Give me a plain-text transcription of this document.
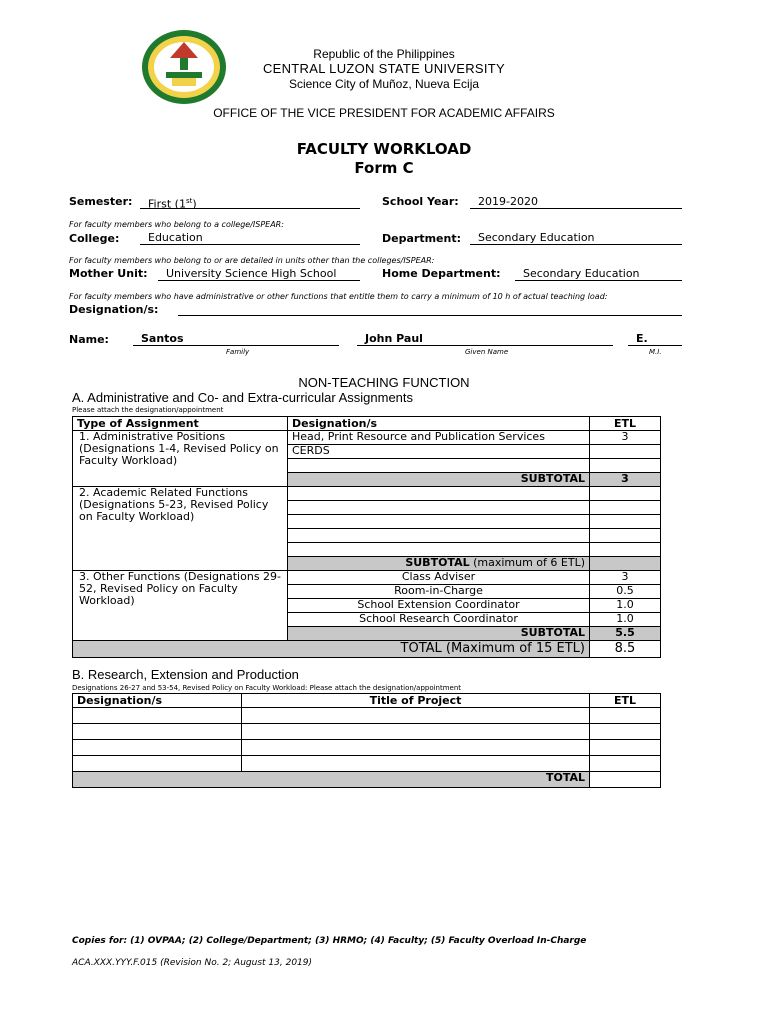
Republic of the Philippines
CENTRAL LUZON STATE UNIVERSITY
Science City of Muñoz, Nueva Ecija
OFFICE OF THE VICE PRESIDENT FOR ACADEMIC AFFAIRS
FACULTY WORKLOAD
Form C
Semester:	First (1st)	School Year:	2019-2020
For faculty members who belong to a college/ISPEAR:
College:	Education	Department:	Secondary Education
For faculty members who belong to or are detailed in units other than the colleges/ISPEAR:
Mother Unit:	University Science High School	Home Department:	Secondary Education
For faculty members who have administrative or other functions that entitle them to carry a minimum of 10 h of actual teaching load:
Designation/s:
Name:	Santos	John Paul	E.
Family	Given Name	M.I.
NON-TEACHING FUNCTION
A. Administrative and Co- and Extra-curricular Assignments
Please attach the designation/appointment
Type of Assignment	Designation/s	ETL
1. Administrative Positions (Designations 1-4, Revised Policy on Faculty Workload)	Head, Print Resource and Publication Services	3
	CERDS	

	SUBTOTAL	3
2. Academic Related Functions (Designations 5-23, Revised Policy on Faculty Workload)		

	SUBTOTAL (maximum of 6 ETL)	
3. Other Functions (Designations 29-52, Revised Policy on Faculty Workload)	Class Adviser	3
	Room-in-Charge	0.5
	School Extension Coordinator	1.0
	School Research Coordinator	1.0
	SUBTOTAL	5.5
TOTAL (Maximum of 15 ETL)		8.5
B. Research, Extension and Production
Designations 26-27 and 53-54, Revised Policy on Faculty Workload: Please attach the designation/appointment
Designation/s	Title of Project	ETL

TOTAL		
Copies for: (1) OVPAA; (2) College/Department; (3) HRMO; (4) Faculty; (5) Faculty Overload In-Charge
ACA.XXX.YYY.F.015 (Revision No. 2; August 13, 2019)
